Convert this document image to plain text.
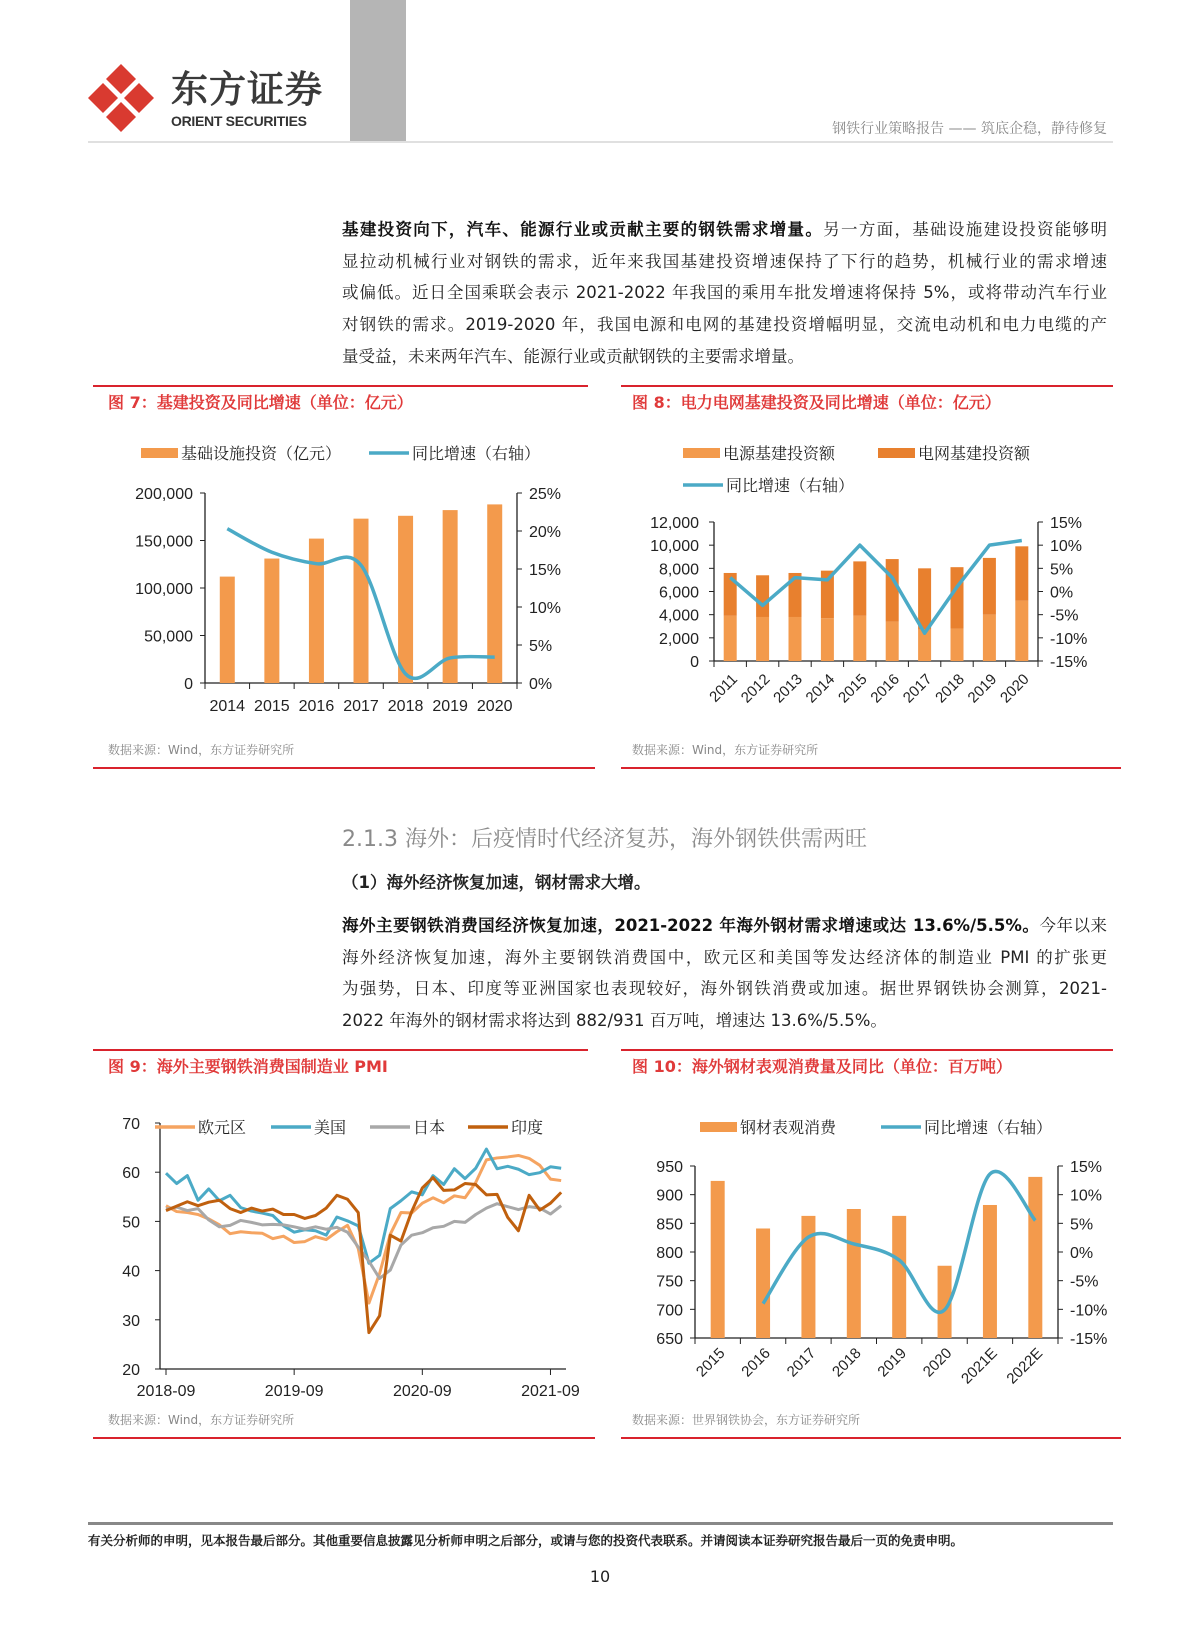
东方证券
ORIENT SECURITIES	钢铁行业策略报告 —— 筑底企稳，静待修复
基建投资向下，汽车、能源行业或贡献主要的钢铁需求增量。另一方面，基础设施建设投资能够明
显拉动机械行业对钢铁的需求，近年来我国基建投资增速保持了下行的趋势，机械行业的需求增速
或偏低。近日全国乘联会表示 2021-2022 年我国的乘用车批发增速将保持 5%，或将带动汽车行业
对钢铁的需求。2019-2020 年，我国电源和电网的基建投资增幅明显，交流电动机和电力电缆的产
量受益，未来两年汽车、能源行业或贡献钢铁的主要需求增量。
图 7：基建投资及同比增速（单位：亿元）
数据来源：Wind，东方证券研究所
图 8：电力电网基建投资及同比增速（单位：亿元）
数据来源：Wind，东方证券研究所
2.1.3 海外：后疫情时代经济复苏，海外钢铁供需两旺
（1）海外经济恢复加速，钢材需求大增。
海外主要钢铁消费国经济恢复加速，2021-2022 年海外钢材需求增速或达 13.6%/5.5%。今年以来
海外经济恢复加速，海外主要钢铁消费国中，欧元区和美国等发达经济体的制造业 PMI 的扩张更
为强势，日本、印度等亚洲国家也表现较好，海外钢铁消费或加速。据世界钢铁协会测算，2021-
2022 年海外的钢材需求将达到 882/931 百万吨，增速达 13.6%/5.5%。
图 9：海外主要钢铁消费国制造业 PMI
数据来源：Wind，东方证券研究所
图 10：海外钢材表观消费量及同比（单位：百万吨）
数据来源：世界钢铁协会，东方证券研究所
200,000
150,000
100,000
50,000
0
25%
20%
15%
10%
5%
0%
2014 2015 2016 2017 2018 2019 2020
基础设施投资（亿元）	同比增速（右轴）
12,000
10,000
8,000
6,000
4,000
2,000
0
15%
10%
5%
0%
-5%
-10%
-15%
2011
2012
2013
2014
2015
2016
2017
2018
2019
2020
电源基建投资额	电网基建投资额
同比增速（右轴）
70
60
50
40
30
20
2018-09	2019-09	2020-09	2021-09
欧元区	美国	日本	印度
950
900
850
800
750
700
650
15%
10%
5%
0%
-5%
-10%
-15%
2015 2016 2017 2018 2019 2020 2021E 2022E
钢材表观消费	同比增速（右轴）
有关分析师的申明，见本报告最后部分。其他重要信息披露见分析师申明之后部分，或请与您的投资代表联系。并请阅读本证券研究报告最后一页的免责申明。
10
